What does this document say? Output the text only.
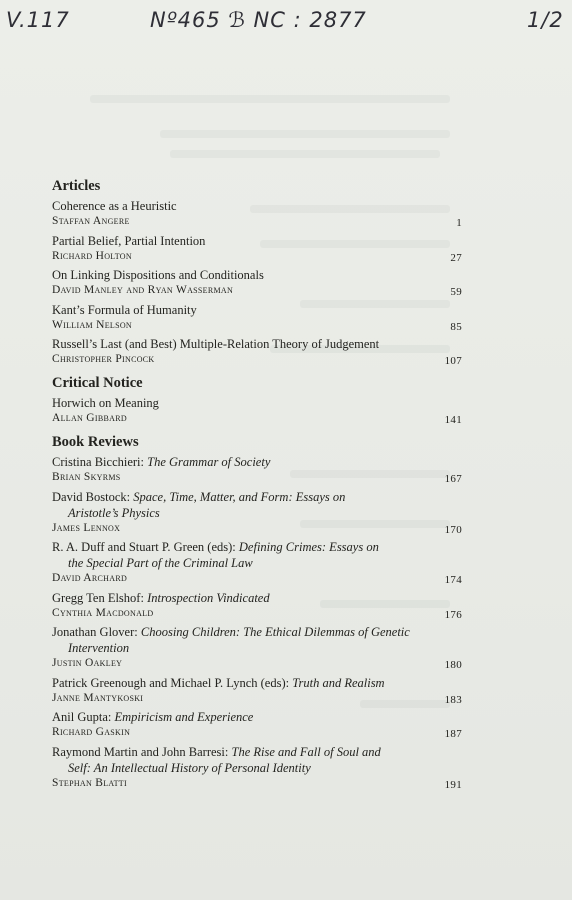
V.117	Nº465 ℬ NC : 2877	1/2
Articles
Coherence as a Heuristic
Staffan Angere	1
Partial Belief, Partial Intention
Richard Holton	27
On Linking Dispositions and Conditionals
David Manley and Ryan Wasserman	59
Kant’s Formula of Humanity
William Nelson	85
Russell’s Last (and Best) Multiple-Relation Theory of Judgement
Christopher Pincock	107
Critical Notice
Horwich on Meaning
Allan Gibbard	141
Book Reviews
Cristina Bicchieri: The Grammar of Society
Brian Skyrms	167
David Bostock: Space, Time, Matter, and Form: Essays on
Aristotle’s Physics
James Lennox	170
R. A. Duff and Stuart P. Green (eds): Defining Crimes: Essays on
the Special Part of the Criminal Law
David Archard	174
Gregg Ten Elshof: Introspection Vindicated
Cynthia Macdonald	176
Jonathan Glover: Choosing Children: The Ethical Dilemmas of Genetic
Intervention
Justin Oakley	180
Patrick Greenough and Michael P. Lynch (eds): Truth and Realism
Janne Mantykoski	183
Anil Gupta: Empiricism and Experience
Richard Gaskin	187
Raymond Martin and John Barresi: The Rise and Fall of Soul and
Self: An Intellectual History of Personal Identity
Stephan Blatti	191
